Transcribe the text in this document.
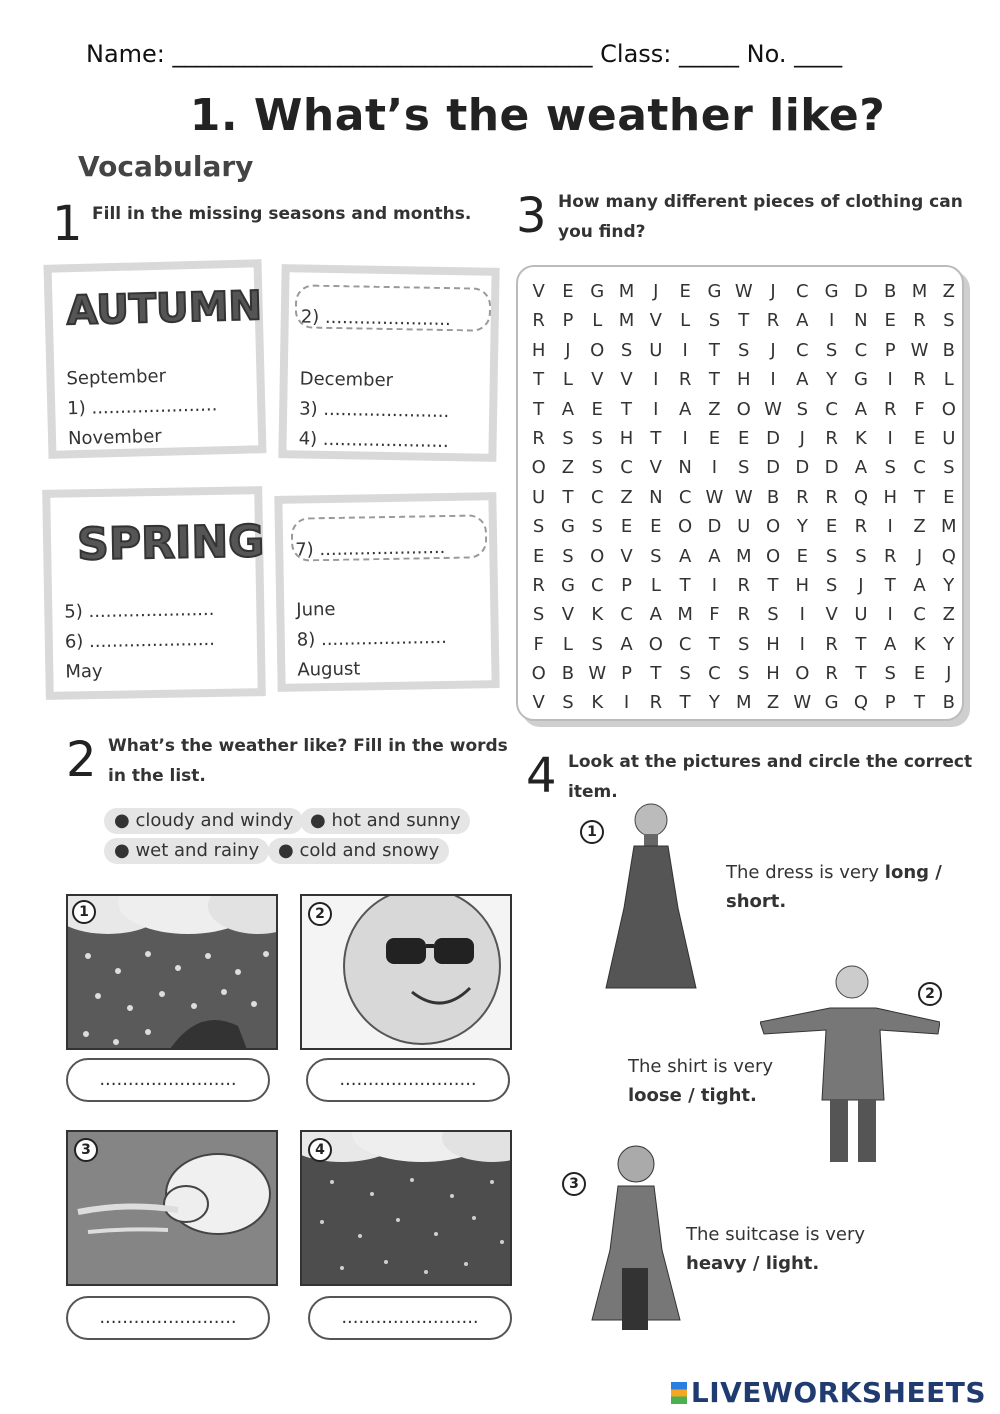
Name: ___________________________________ Class: _____ No. ____
1. What’s the weather like?
Vocabulary
1 Fill in the missing seasons and months.
AUTUMN
September
1) ......................
November
2) ......................
December
3) ......................
4) ......................
SPRING
5) ......................
6) ......................
May
7) ......................
June
8) ......................
August
3 How many different pieces of clothing can
you find?
V E G M	J	E G W J	C G D B M Z
R P	L M V	L	S	T R A	I	N E R S
H	J	O S U	I	T	S	J	C S C P W B
T	L	V V	I	R T H	I	A Y G	I	R	L
T A E	T	I	A Z O W S C A R F O
R S S H T	I	E E D	J	R K	I	E U
O Z S C V N	I	S D D D A S C S
U T C Z N C W W B R R Q H T	E
S G S E E O D U O Y	E R	I	Z M
E S O V S A A M O E S S R	J	Q
R G C P	L	T	I	R T H S	J	T A Y
S V K C A M F R S	I	V U	I	C Z
F	L	S A O C T	S H	I	R T A K Y
O B W P	T	S C S H O R T	S E	J
V S K	I	R T	Y M Z W G Q P	T B
2 What’s the weather like? Fill in the words
in the list.
● cloudy and windy ● hot and sunny
● wet and rainy	● cold and snowy
1
........................
2
........................
3
........................
4
........................
4 Look at the pictures and circle the correct
item.
1
The dress is very long /
short.
2
The shirt is very
loose / tight.
3
The suitcase is very
heavy / light.
LIVEWORKSHEETS
